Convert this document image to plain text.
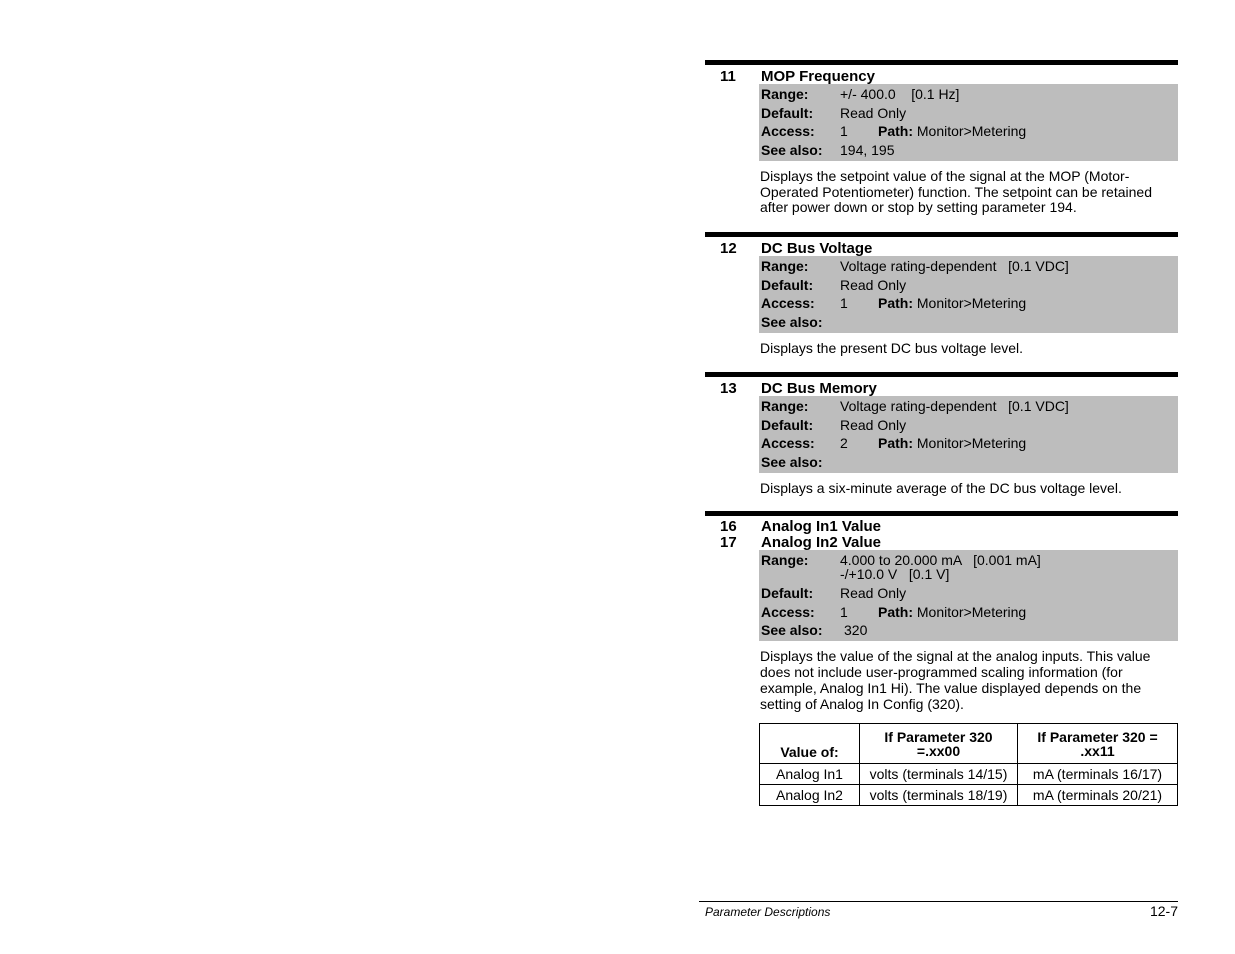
11 MOP Frequency
Range:	+/- 400.0    [0.1 Hz]
Default:	Read Only
Access:	1 Path: Monitor>Metering
See also:	194, 195
Displays the setpoint value of the signal at the MOP (Motor-Operated Potentiometer) function. The setpoint can be retained after power down or stop by setting parameter 194.
12 DC Bus Voltage
Range:	Voltage rating-dependent   [0.1 VDC]
Default:	Read Only
Access:	1 Path: Monitor>Metering
See also:
Displays the present DC bus voltage level.
13 DC Bus Memory
Range:	Voltage rating-dependent   [0.1 VDC]
Default:	Read Only
Access:	2 Path: Monitor>Metering
See also:
Displays a six-minute average of the DC bus voltage level.
16 Analog In1 Value
17 Analog In2 Value
Range:	4.000 to 20.000 mA   [0.001 mA]
-/+10.0 V   [0.1 V]
Default:	Read Only
Access:	1 Path: Monitor>Metering
See also:	320
Displays the value of the signal at the analog inputs. This value does not include user-programmed scaling information (for example, Analog In1 Hi). The value displayed depends on the setting of Analog In Config (320).
Value of:	If Parameter 320 =.xx00	If Parameter 320 = .xx11
Analog In1	volts (terminals 14/15)	mA (terminals 16/17)
Analog In2	volts (terminals 18/19)	mA (terminals 20/21)
Parameter Descriptions	12-7
